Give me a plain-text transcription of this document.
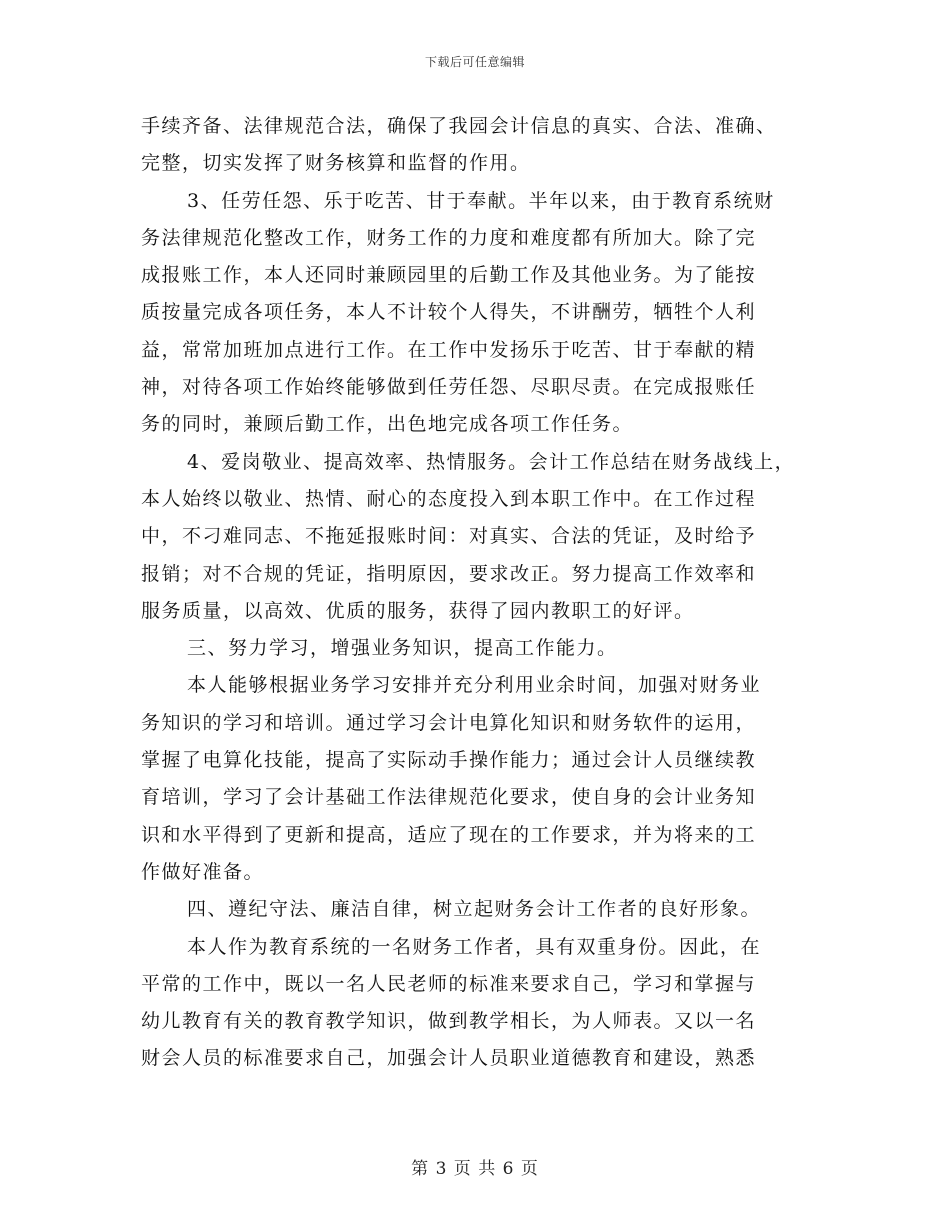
下载后可任意编辑
手续齐备、法律规范合法，确保了我园会计信息的真实、合法、准确、
完整，切实发挥了财务核算和监督的作用。
3、任劳任怨、乐于吃苦、甘于奉献。半年以来，由于教育系统财
务法律规范化整改工作，财务工作的力度和难度都有所加大。除了完
成报账工作，本人还同时兼顾园里的后勤工作及其他业务。为了能按
质按量完成各项任务，本人不计较个人得失，不讲酬劳，牺牲个人利
益，常常加班加点进行工作。在工作中发扬乐于吃苦、甘于奉献的精
神，对待各项工作始终能够做到任劳任怨、尽职尽责。在完成报账任
务的同时，兼顾后勤工作，出色地完成各项工作任务。
4、爱岗敬业、提高效率、热情服务。会计工作总结在财务战线上，
本人始终以敬业、热情、耐心的态度投入到本职工作中。在工作过程
中，不刁难同志、不拖延报账时间：对真实、合法的凭证，及时给予
报销；对不合规的凭证，指明原因，要求改正。努力提高工作效率和
服务质量，以高效、优质的服务，获得了园内教职工的好评。
三、努力学习，增强业务知识，提高工作能力。
本人能够根据业务学习安排并充分利用业余时间，加强对财务业
务知识的学习和培训。通过学习会计电算化知识和财务软件的运用，
掌握了电算化技能，提高了实际动手操作能力；通过会计人员继续教
育培训，学习了会计基础工作法律规范化要求，使自身的会计业务知
识和水平得到了更新和提高，适应了现在的工作要求，并为将来的工
作做好准备。
四、遵纪守法、廉洁自律，树立起财务会计工作者的良好形象。
本人作为教育系统的一名财务工作者，具有双重身份。因此，在
平常的工作中，既以一名人民老师的标准来要求自己，学习和掌握与
幼儿教育有关的教育教学知识，做到教学相长，为人师表。又以一名
财会人员的标准要求自己，加强会计人员职业道德教育和建设，熟悉
第 3 页 共 6 页
